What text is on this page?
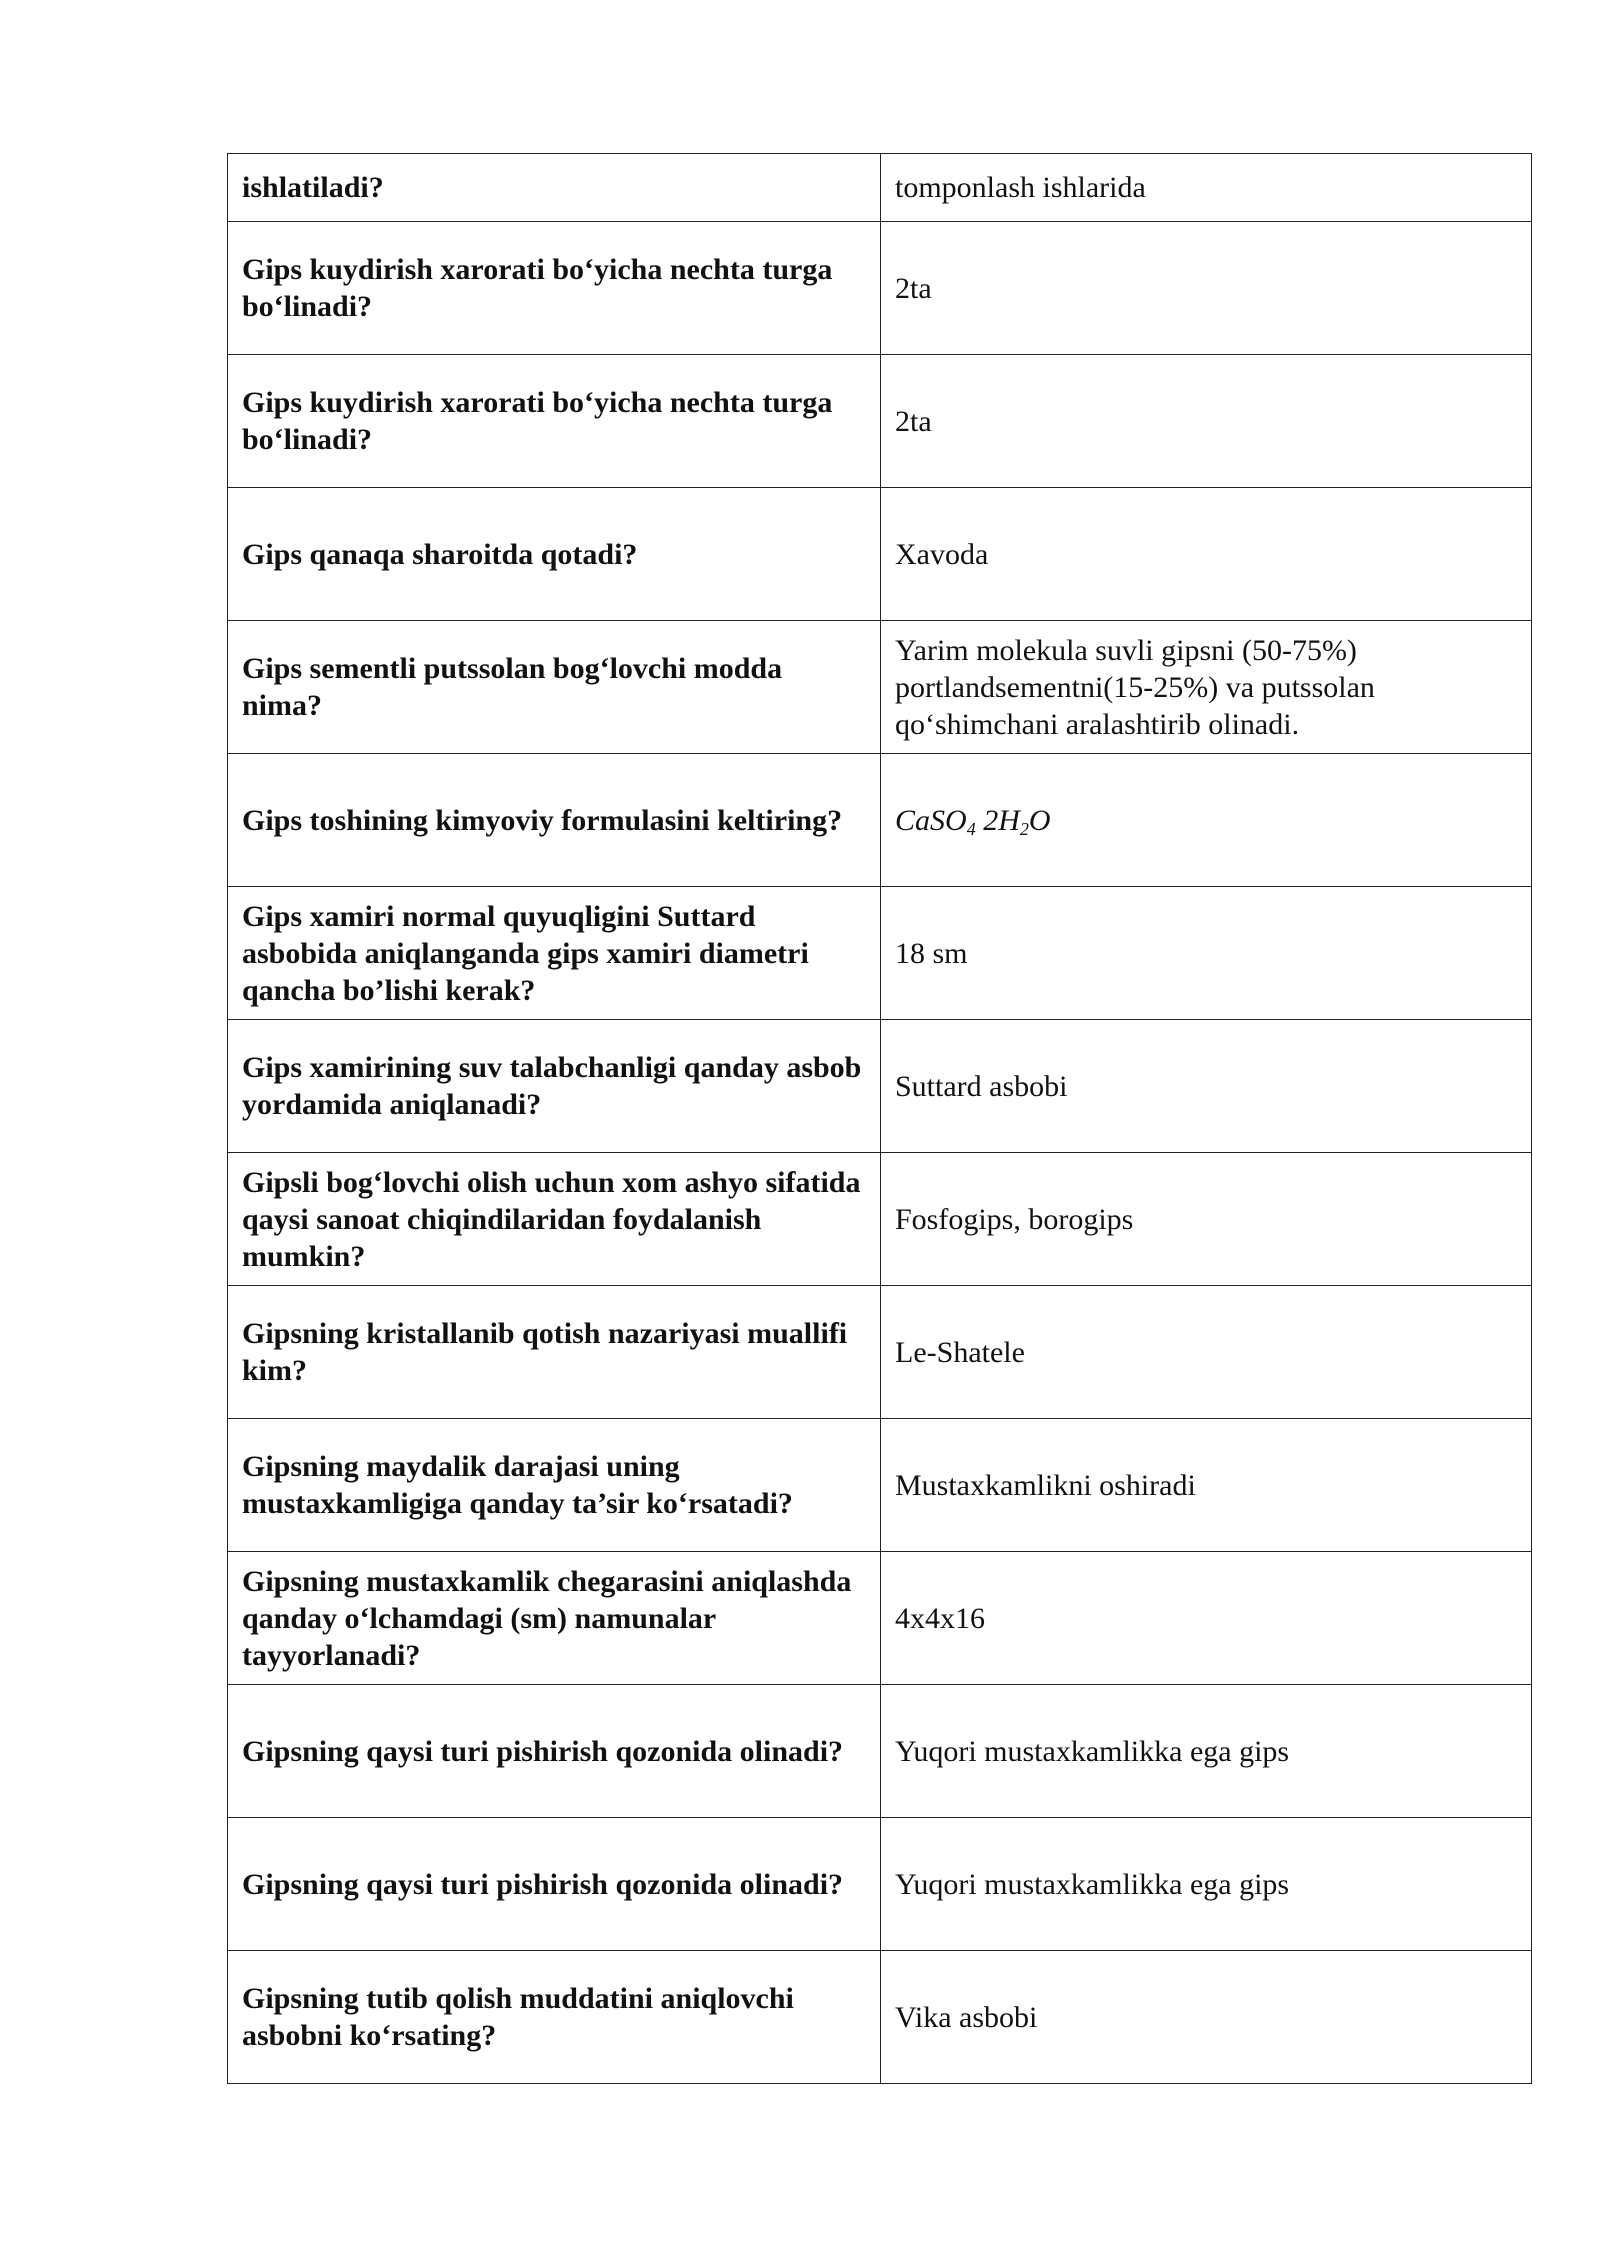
ishlatiladi?	tomponlash ishlarida
Gips kuydirish xarorati bo‘yicha nechta turga bo‘linadi?	2ta
Gips kuydirish xarorati bo‘yicha nechta turga bo‘linadi?	2ta
Gips qanaqa sharoitda qotadi?	Xavoda
Gips sementli putssolan bog‘lovchi modda nima?	Yarim molekula suvli gipsni (50-75%) portlandsementni(15-25%) va putssolan qo‘shimchani aralashtirib olinadi.
Gips toshining kimyoviy formulasini keltiring?	CaSO$_4$ $2H_2O$
Gips xamiri normal quyuqligini Suttard asbobida aniqlanganda gips xamiri diametri qancha bo’lishi kerak?	18 sm
Gips xamirining suv talabchanligi qanday asbob yordamida aniqlanadi?	Suttard asbobi
Gipsli bog‘lovchi olish uchun xom ashyo sifatida qaysi sanoat chiqindilaridan foydalanish mumkin?	Fosfogips, borogips
Gipsning kristallanib qotish nazariyasi muallifi kim?	Le-Shatele
Gipsning maydalik darajasi uning mustaxkamligiga qanday ta’sir ko‘rsatadi?	Mustaxkamlikni oshiradi
Gipsning mustaxkamlik chegarasini aniqlashda qanday o‘lchamdagi (sm) namunalar tayyorlanadi?	4x4x16
Gipsning qaysi turi pishirish qozonida olinadi?	Yuqori mustaxkamlikka ega gips
Gipsning qaysi turi pishirish qozonida olinadi?	Yuqori mustaxkamlikka ega gips
Gipsning tutib qolish muddatini aniqlovchi asbobni ko‘rsating?	Vika asbobi
